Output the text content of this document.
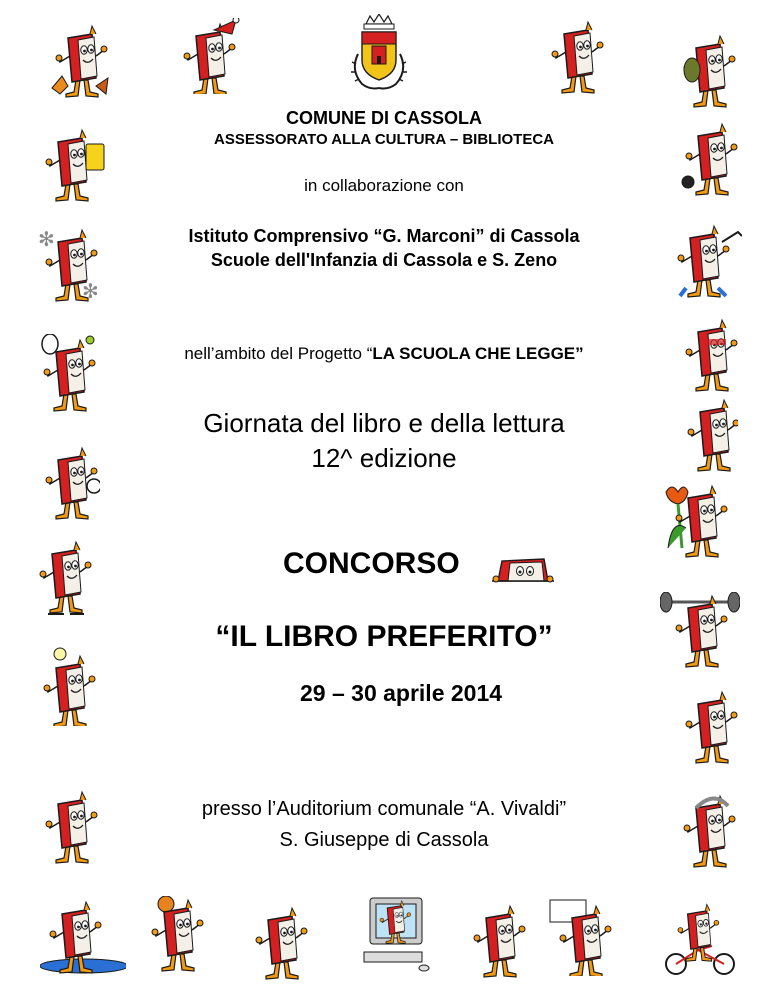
COMUNE DI CASSOLA
ASSESSORATO ALLA CULTURA – BIBLIOTECA
in collaborazione con
Istituto Comprensivo “G. Marconi” di Cassola
Scuole dell'Infanzia di Cassola e S. Zeno
nell’ambito del Progetto “LA SCUOLA CHE LEGGE”
Giornata del libro e della lettura
12^ edizione
CONCORSO
“IL LIBRO PREFERITO”
29 – 30 aprile 2014
presso l’Auditorium comunale “A. Vivaldi”
S. Giuseppe di Cassola
✻
✻
